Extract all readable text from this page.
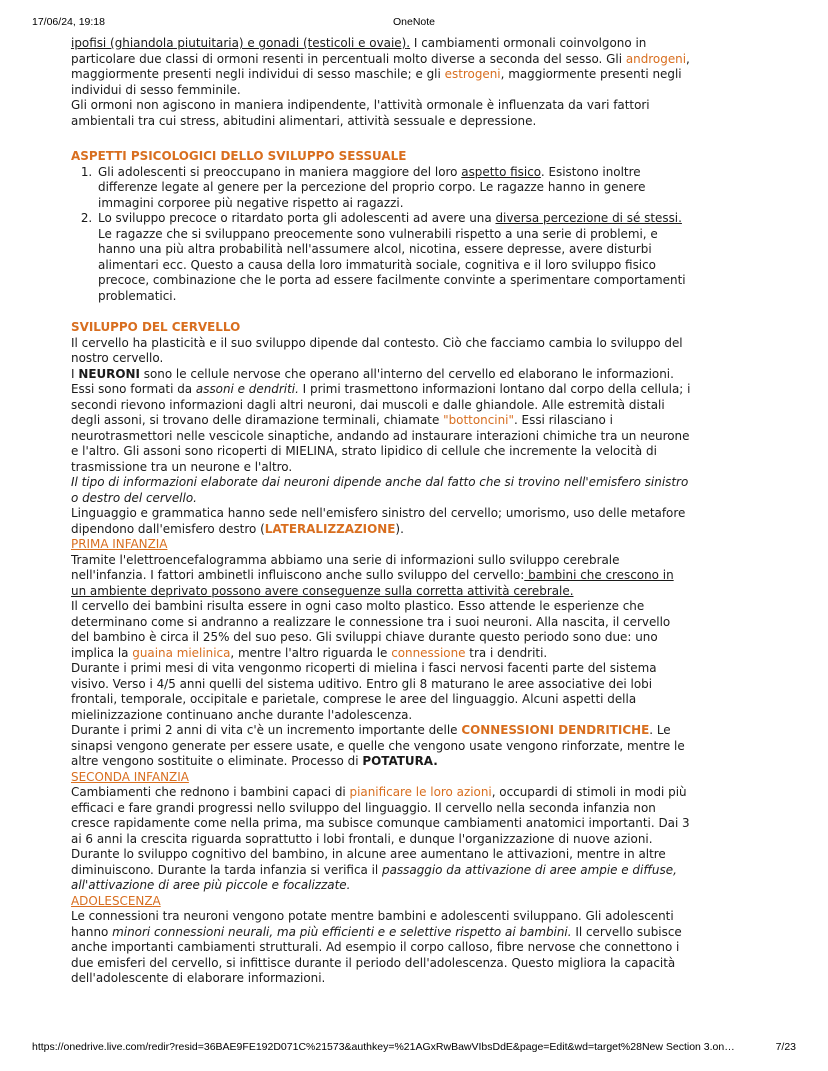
17/06/24, 19:18	OneNote

ipofisi (ghiandola piutuitaria) e gonadi (testicoli e ovaie). I cambiamenti ormonali coinvolgono in particolare due classi di ormoni resenti in percentuali molto diverse a seconda del sesso. Gli androgeni, maggiormente presenti negli individui di sesso maschile; e gli estrogeni, maggiormente presenti negli individui di sesso femminile.

Gli ormoni non agiscono in maniera indipendente, l'attività ormonale è influenzata da vari fattori ambientali tra cui stress, abitudini alimentari, attività sessuale e depressione.

ASPETTI PSICOLOGICI DELLO SVILUPPO SESSUALE

1. Gli adolescenti si preoccupano in maniera maggiore del loro aspetto fisico. Esistono inoltre differenze legate al genere per la percezione del proprio corpo. Le ragazze hanno in genere immagini corporee più negative rispetto ai ragazzi.
2. Lo sviluppo precoce o ritardato porta gli adolescenti ad avere una diversa percezione di sé stessi. Le ragazze che si sviluppano preocemente sono vulnerabili rispetto a una serie di problemi, e hanno una più altra probabilità nell'assumere alcol, nicotina, essere depresse, avere disturbi alimentari ecc. Questo a causa della loro immaturità sociale, cognitiva e il loro sviluppo fisico precoce, combinazione che le porta ad essere facilmente convinte a sperimentare comportamenti problematici.

SVILUPPO DEL CERVELLO

Il cervello ha plasticità e il suo sviluppo dipende dal contesto. Ciò che facciamo cambia lo sviluppo del nostro cervello.

I NEURONI sono le cellule nervose che operano all'interno del cervello ed elaborano le informazioni. Essi sono formati da assoni e dendriti. I primi trasmettono informazioni lontano dal corpo della cellula; i secondi rievono informazioni dagli altri neuroni, dai muscoli e dalle ghiandole. Alle estremità distali degli assoni, si trovano delle diramazione terminali, chiamate "bottoncini". Essi rilasciano i neurotrasmettori nelle vescicole sinaptiche, andando ad instaurare interazioni chimiche tra un neurone e l'altro. Gli assoni sono ricoperti di MIELINA, strato lipidico di cellule che incremente la velocità di trasmissione tra un neurone e l'altro.

Il tipo di informazioni elaborate dai neuroni dipende anche dal fatto che si trovino nell'emisfero sinistro o destro del cervello.

Linguaggio e grammatica hanno sede nell'emisfero sinistro del cervello; umorismo, uso delle metafore dipendono dall'emisfero destro (LATERALIZZAZIONE).

PRIMA INFANZIA

Tramite l'elettroencefalogramma abbiamo una serie di informazioni sullo sviluppo cerebrale nell'infanzia. I fattori ambinetli influiscono anche sullo sviluppo del cervello: bambini che crescono in un ambiente deprivato possono avere conseguenze sulla corretta attività cerebrale.

Il cervello dei bambini risulta essere in ogni caso molto plastico. Esso attende le esperienze che determinano come si andranno a realizzare le connessione tra i suoi neuroni. Alla nascita, il cervello del bambino è circa il 25% del suo peso. Gli sviluppi chiave durante questo periodo sono due: uno implica la guaina mielinica, mentre l'altro riguarda le connessione tra i dendriti.

Durante i primi mesi di vita vengonmo ricoperti di mielina i fasci nervosi facenti parte del sistema visivo. Verso i 4/5 anni quelli del sistema uditivo. Entro gli 8 maturano le aree associative dei lobi frontali, temporale, occipitale e parietale, comprese le aree del linguaggio. Alcuni aspetti della mielinizzazione continuano anche durante l'adolescenza.

Durante i primi 2 anni di vita c'è un incremento importante delle CONNESSIONI DENDRITICHE. Le sinapsi vengono generate per essere usate, e quelle che vengono usate vengono rinforzate, mentre le altre vengono sostituite o eliminate. Processo di POTATURA.

SECONDA INFANZIA

Cambiamenti che rednono i bambini capaci di pianificare le loro azioni, occupardi di stimoli in modi più efficaci e fare grandi progressi nello sviluppo del linguaggio. Il cervello nella seconda infanzia non cresce rapidamente come nella prima, ma subisce comunque cambiamenti anatomici importanti. Dai 3 ai 6 anni la crescita riguarda soprattutto i lobi frontali, e dunque l'organizzazione di nuove azioni. Durante lo sviluppo cognitivo del bambino, in alcune aree aumentano le attivazioni, mentre in altre diminuiscono. Durante la tarda infanzia si verifica il passaggio da attivazione di aree ampie e diffuse, all'attivazione di aree più piccole e focalizzate.

ADOLESCENZA

Le connessioni tra neuroni vengono potate mentre bambini e adolescenti sviluppano. Gli adolescenti hanno minori connessioni neurali, ma più efficienti e e selettive rispetto ai bambini. Il cervello subisce anche importanti cambiamenti strutturali. Ad esempio il corpo calloso, fibre nervose che connettono i due emisferi del cervello, si infittisce durante il periodo dell'adolescenza. Questo migliora la capacità dell'adolescente di elaborare informazioni.

https://onedrive.live.com/redir?resid=36BAE9FE192D071C%21573&authkey=%21AGxRwBawVIbsDdE&page=Edit&wd=target%28New Section 3.on…	7/23
